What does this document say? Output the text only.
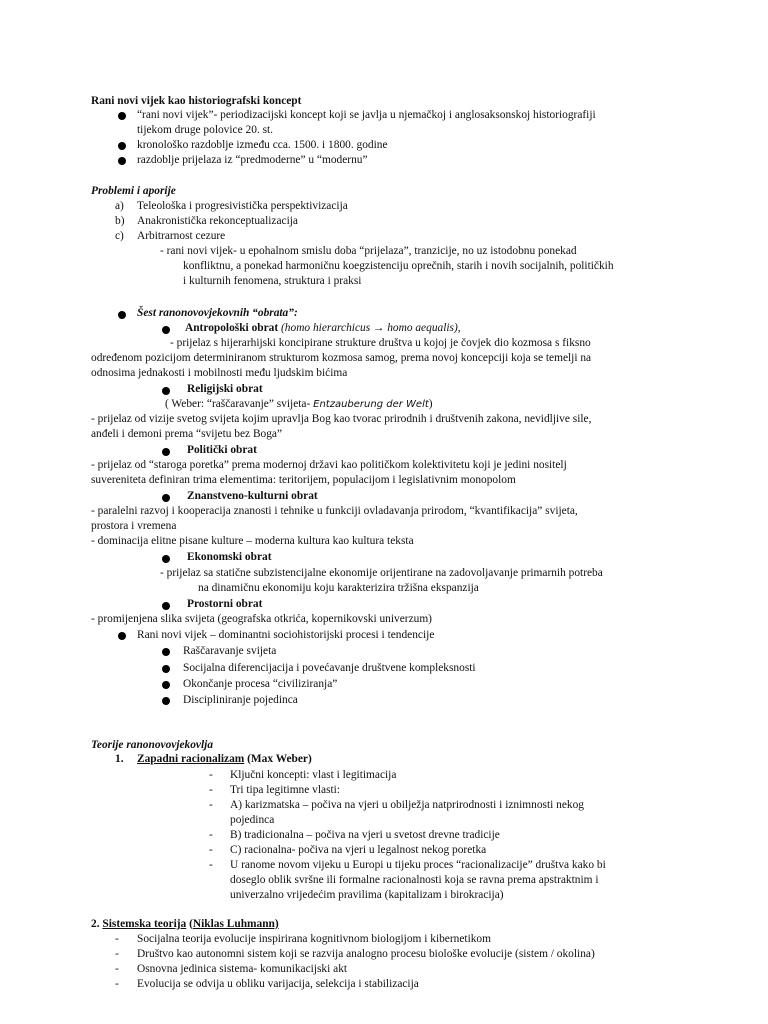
Rani novi vijek kao historiografski koncept
“rani novi vijek”- periodizacijski koncept koji se javlja u njemačkoj i anglosaksonskoj historiografiji
tijekom druge polovice 20. st.
kronološko razdoblje između cca. 1500. i 1800. godine
razdoblje prijelaza iz “predmoderne” u “modernu”
Problemi i aporije
a) Teleološka i progresivistička perspektivizacija
b) Anakronistička rekonceptualizacija
c) Arbitrarnost cezure
- rani novi vijek- u epohalnom smislu doba “prijelaza”, tranzicije, no uz istodobnu ponekad
konfliktnu, a ponekad harmoničnu koegzistenciju oprečnih, starih i novih socijalnih, političkih
i kulturnih fenomena, struktura i praksi
Šest ranonovovjekovnih “obrata”:
Antropološki obrat (homo hierarchicus → homo aequalis),
- prijelaz s hijerarhijski koncipirane strukture društva u kojoj je čovjek dio kozmosa s fiksno
određenom pozicijom determiniranom strukturom kozmosa samog, prema novoj koncepciji koja se temelji na
odnosima jednakosti i mobilnosti među ljudskim bićima
Religijski obrat
( Weber: “raščaravanje” svijeta- Entzauberung der Welt)
- prijelaz od vizije svetog svijeta kojim upravlja Bog kao tvorac prirodnih i društvenih zakona, nevidljive sile,
anđeli i demoni prema “svijetu bez Boga”
Politički obrat
- prijelaz od “staroga poretka” prema modernoj državi kao političkom kolektivitetu koji je jedini nositelj
suvereniteta definiran trima elementima: teritorijem, populacijom i legislativnim monopolom
Znanstveno-kulturni obrat
- paralelni razvoj i kooperacija znanosti i tehnike u funkciji ovladavanja prirodom, “kvantifikacija” svijeta,
prostora i vremena
- dominacija elitne pisane kulture – moderna kultura kao kultura teksta
Ekonomski obrat
- prijelaz sa statične subzistencijalne ekonomije orijentirane na zadovoljavanje primarnih potreba
na dinamičnu ekonomiju koju karakterizira tržišna ekspanzija
Prostorni obrat
- promijenjena slika svijeta (geografska otkrića, kopernikovski univerzum)
Rani novi vijek – dominantni sociohistorijski procesi i tendencije
Raščaravanje svijeta
Socijalna diferencijacija i povećavanje društvene kompleksnosti
Okončanje procesa “civiliziranja”
Discipliniranje pojedinca
Teorije ranonovovjekovlja
1. Zapadni racionalizam (Max Weber)
- Ključni koncepti: vlast i legitimacija
- Tri tipa legitimne vlasti:
- A) karizmatska – počiva na vjeri u obilježja natprirodnosti i iznimnosti nekog
pojedinca
- B) tradicionalna – počiva na vjeri u svetost drevne tradicije
- C) racionalna- počiva na vjeri u legalnost nekog poretka
- U ranome novom vijeku u Europi u tijeku proces “racionalizacije” društva kako bi
doseglo oblik svršne ili formalne racionalnosti koja se ravna prema apstraktnim i
univerzalno vrijedećim pravilima (kapitalizam i birokracija)
2. Sistemska teorija (Niklas Luhmann)
- Socijalna teorija evolucije inspirirana kognitivnom biologijom i kibernetikom
- Društvo kao autonomni sistem koji se razvija analogno procesu biološke evolucije (sistem / okolina)
- Osnovna jedinica sistema- komunikacijski akt
- Evolucija se odvija u obliku varijacija, selekcija i stabilizacija
